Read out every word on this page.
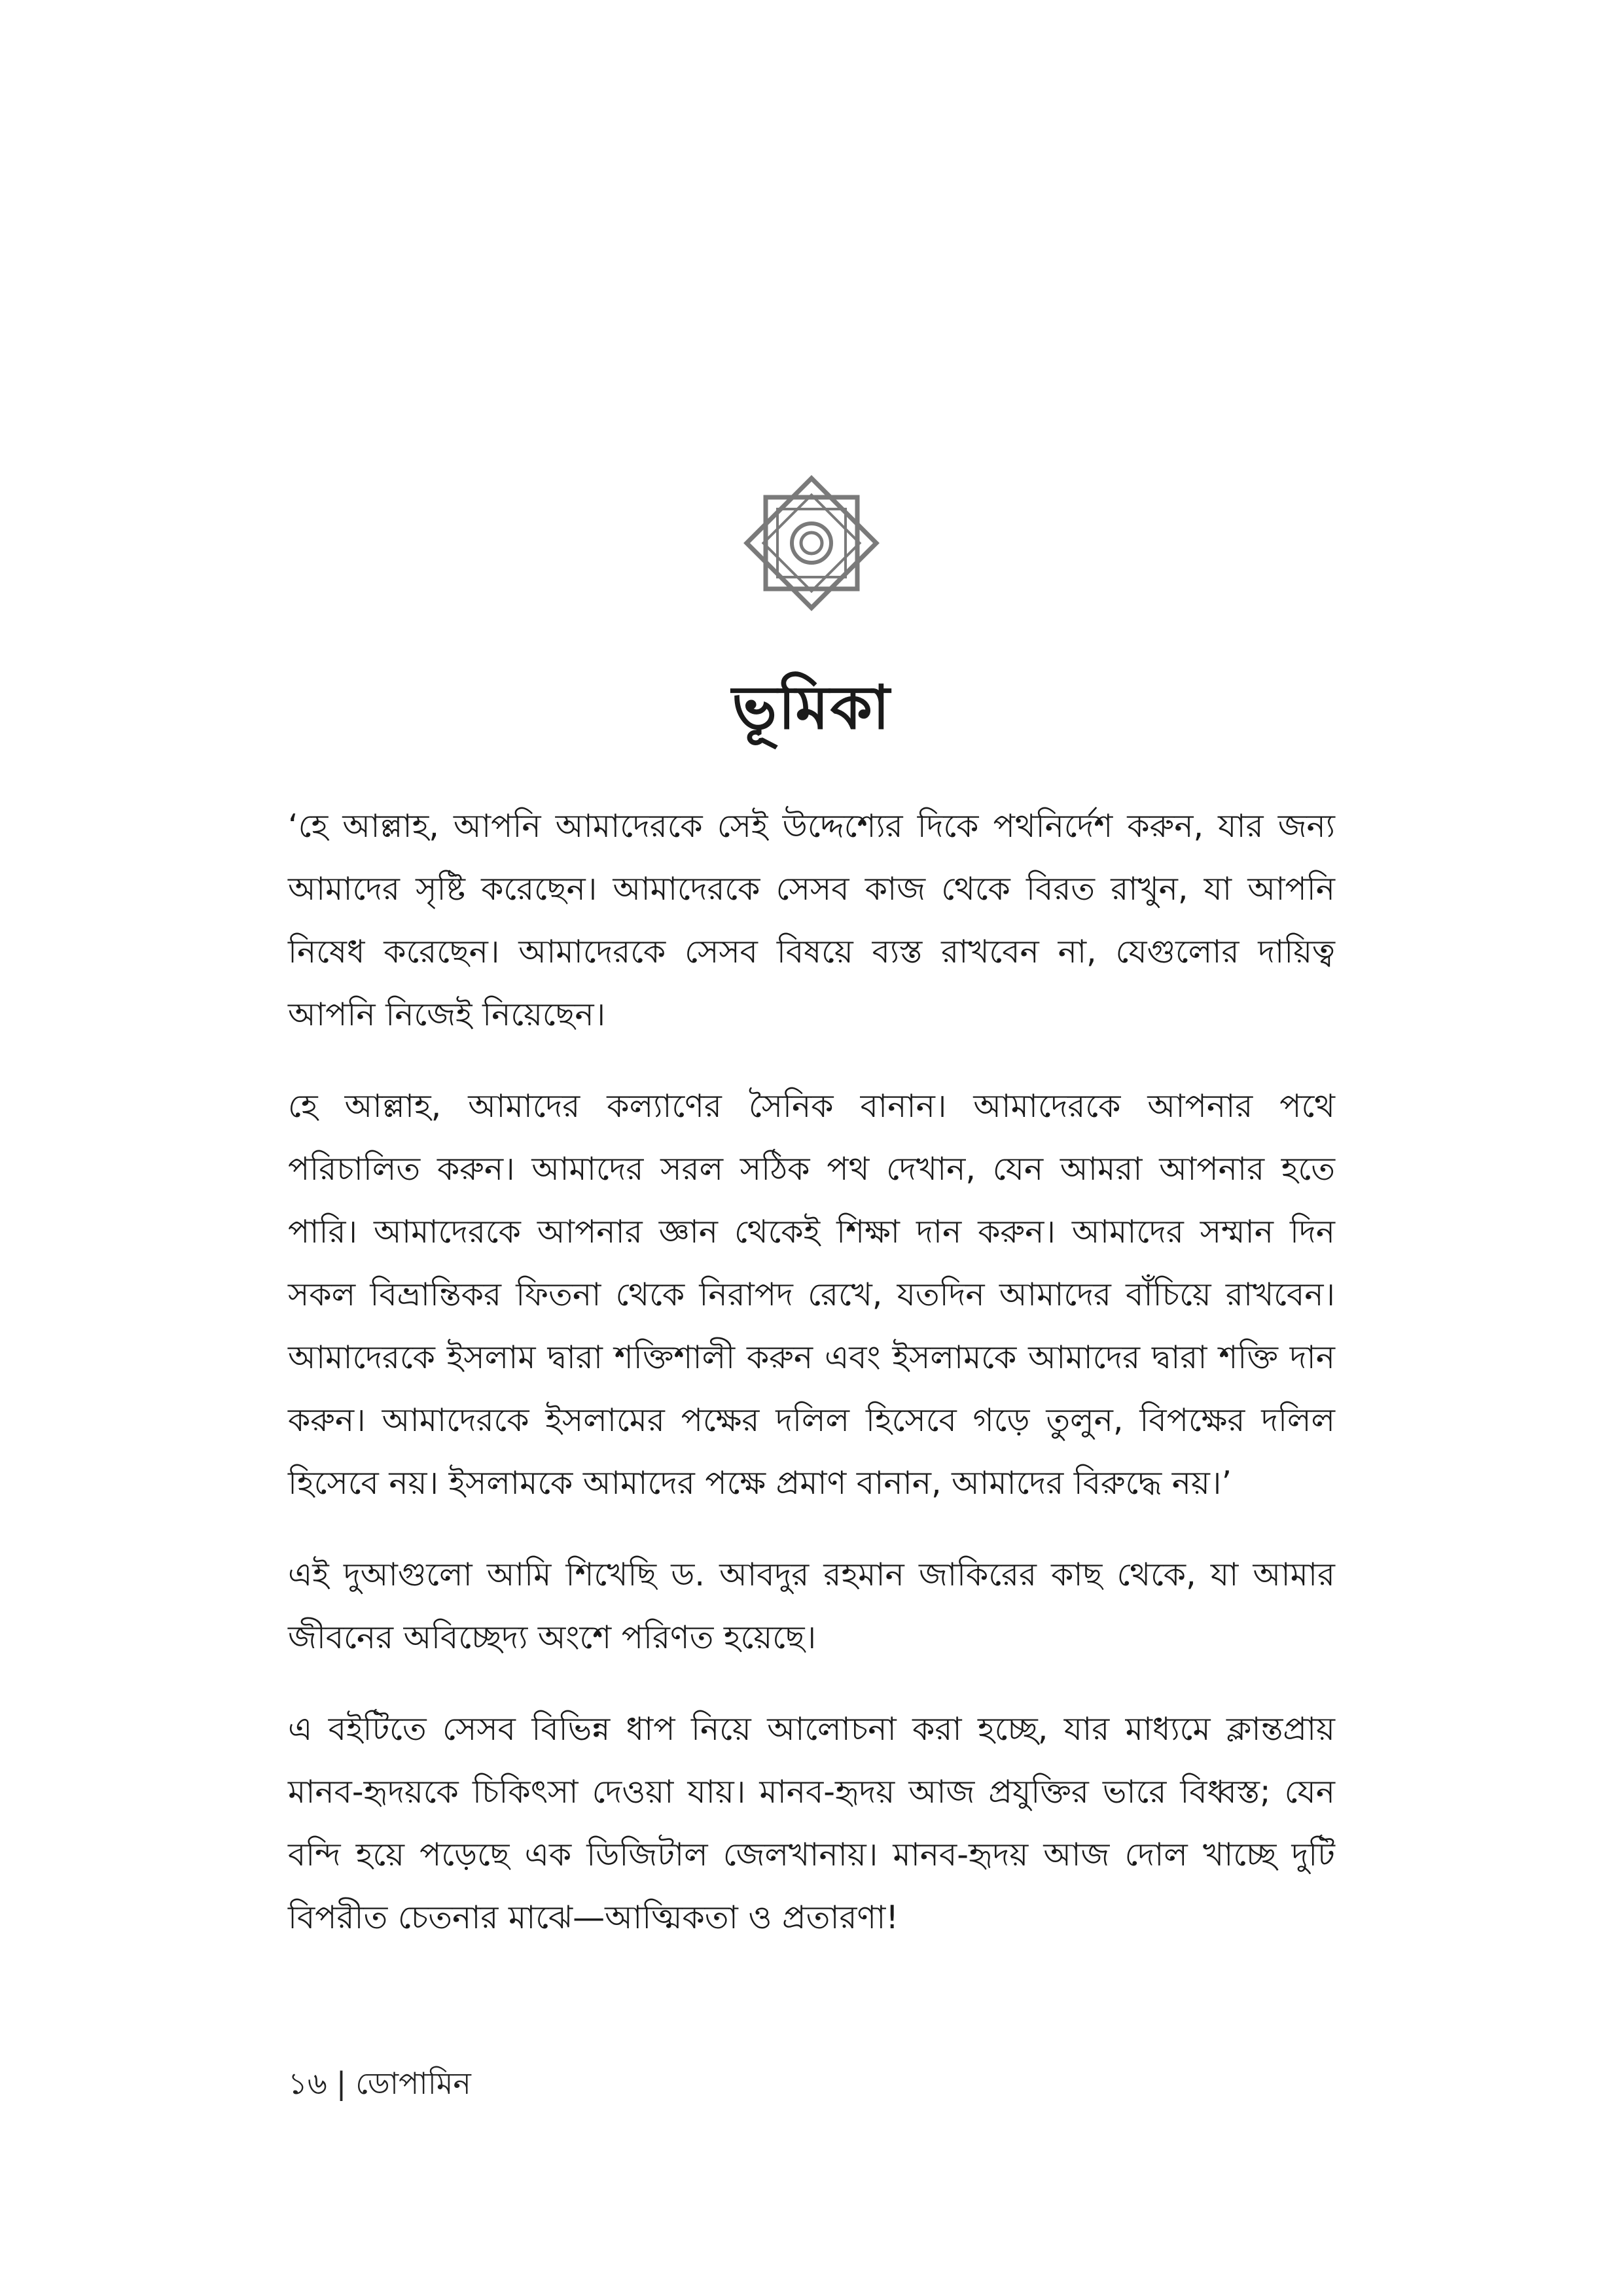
ভূমিকা

‘হে আল্লাহ, আপনি আমাদেরকে সেই উদ্দেশ্যের দিকে পথনির্দেশ করুন, যার জন্য আমাদের সৃষ্টি করেছেন। আমাদেরকে সেসব কাজ থেকে বিরত রাখুন, যা আপনি নিষেধ করেছেন। আমাদেরকে সেসব বিষয়ে ব্যস্ত রাখবেন না, যেগুলোর দায়িত্ব আপনি নিজেই নিয়েছেন।

হে আল্লাহ, আমাদের কল্যাণের সৈনিক বানান। আমাদেরকে আপনার পথে পরিচালিত করুন। আমাদের সরল সঠিক পথ দেখান, যেন আমরা আপনার হতে পারি। আমাদেরকে আপনার জ্ঞান থেকেই শিক্ষা দান করুন। আমাদের সম্মান দিন সকল বিভ্রান্তিকর ফিতনা থেকে নিরাপদ রেখে, যতদিন আমাদের বাঁচিয়ে রাখবেন। আমাদেরকে ইসলাম দ্বারা শক্তিশালী করুন এবং ইসলামকে আমাদের দ্বারা শক্তি দান করুন। আমাদেরকে ইসলামের পক্ষের দলিল হিসেবে গড়ে তুলুন, বিপক্ষের দলিল হিসেবে নয়। ইসলামকে আমাদের পক্ষে প্রমাণ বানান, আমাদের বিরুদ্ধে নয়।’

এই দুআগুলো আমি শিখেছি ড. আবদুর রহমান জাকিরের কাছ থেকে, যা আমার জীবনের অবিচ্ছেদ্য অংশে পরিণত হয়েছে।

এ বইটিতে সেসব বিভিন্ন ধাপ নিয়ে আলোচনা করা হচ্ছে, যার মাধ্যমে ক্লান্তপ্রায় মানব-হৃদয়কে চিকিৎসা দেওয়া যায়। মানব-হৃদয় আজ প্রযুক্তির ভারে বিধ্বস্ত; যেন বন্দি হয়ে পড়েছে এক ডিজিটাল জেলখানায়। মানব-হৃদয় আজ দোল খাচ্ছে দুটি বিপরীত চেতনার মাঝে—আত্মিকতা ও প্রতারণা!

১৬ | ডোপামিন
